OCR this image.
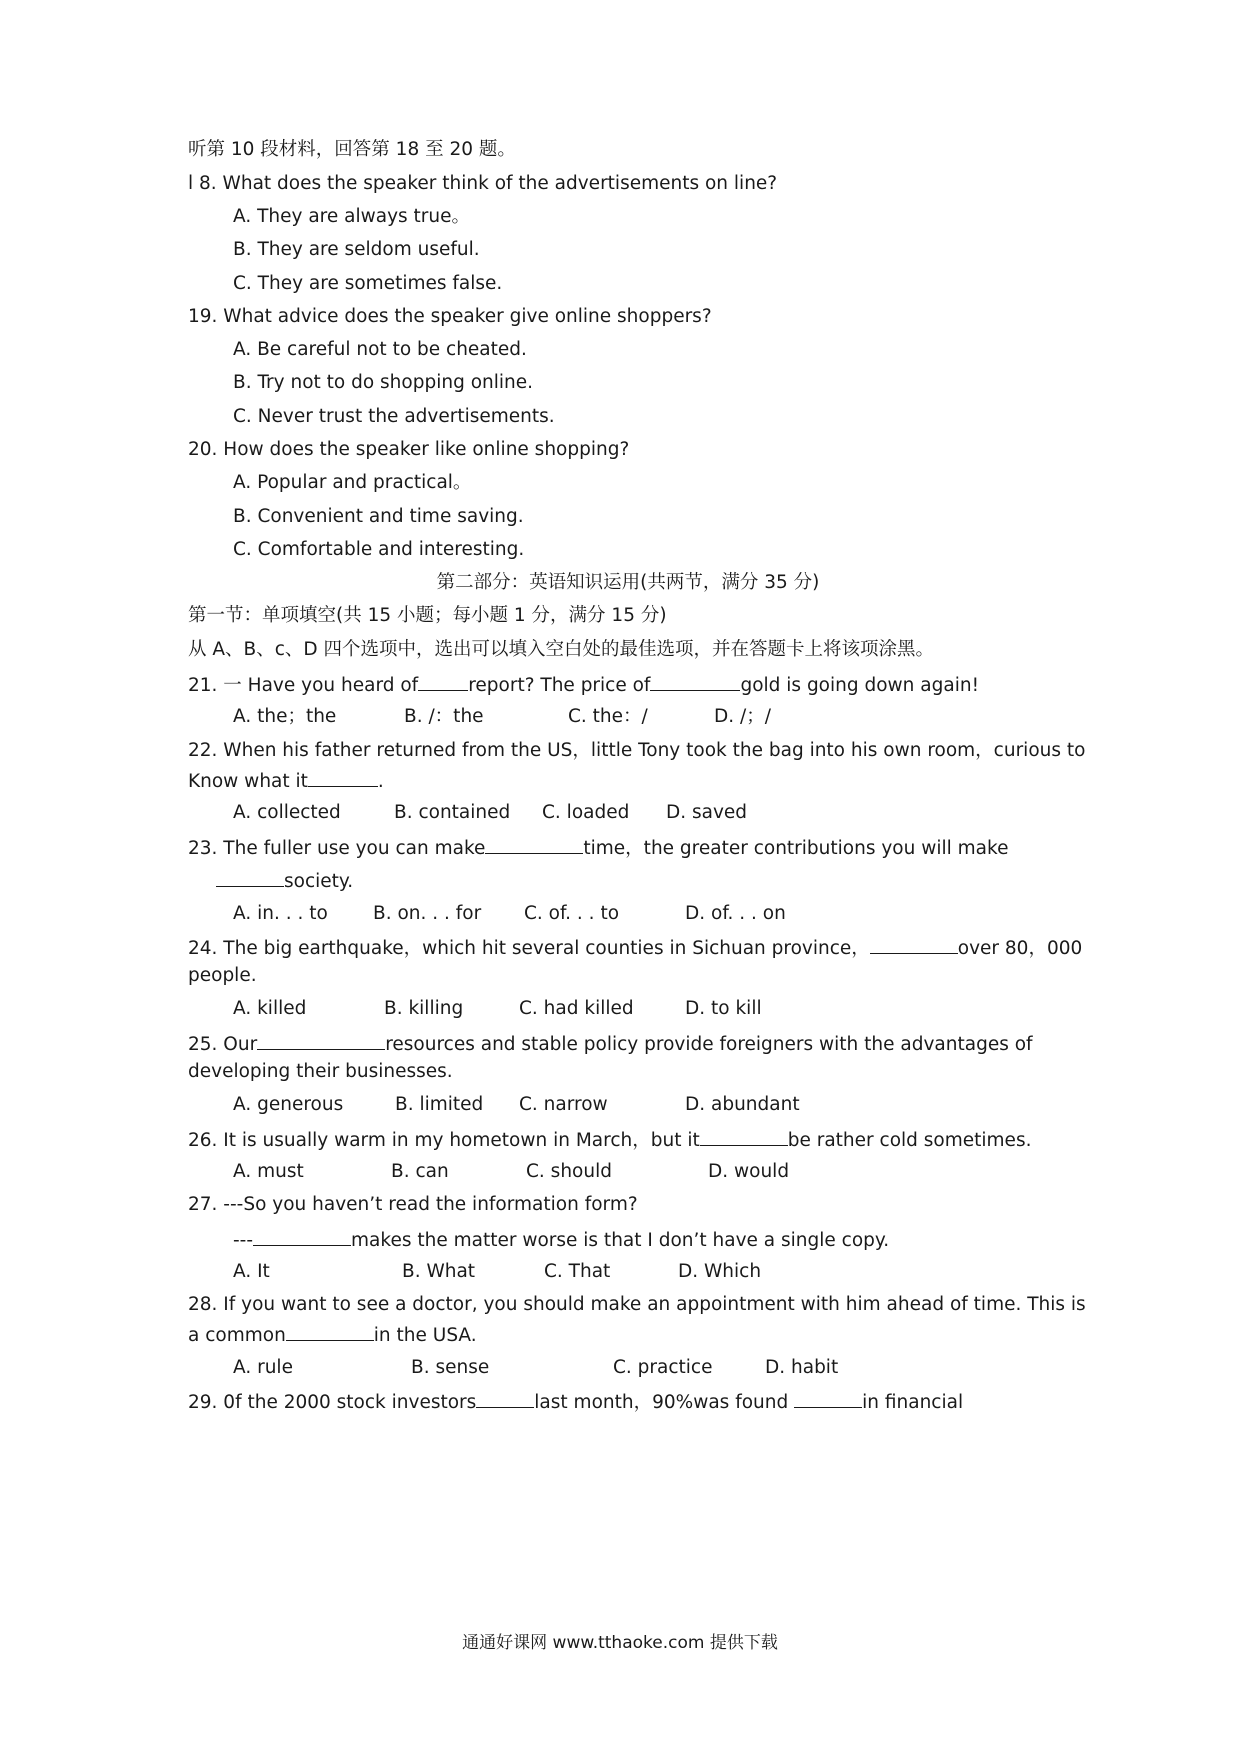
听第 10 段材料，回答第 18 至 20 题。
l 8. What does the speaker think of the advertisements on line?
A. They are always true。
B. They are seldom useful.
C. They are sometimes false.
19. What advice does the speaker give online shoppers?
A. Be careful not to be cheated.
B. Try not to do shopping online.
C. Never trust the advertisements.
20. How does the speaker like online shopping?
A. Popular and practical。
B. Convenient and time saving.
C. Comfortable and interesting.
第二部分：英语知识运用(共两节，满分 35 分)
第一节：单项填空(共 15 小题；每小题 1 分，满分 15 分)
从 A、B、c、D 四个选项中，选出可以填入空白处的最佳选项，并在答题卡上将该项涂黑。
21. 一 Have you heard of	report? The price of	gold is going down again!
A. the；the	B. /：the	C. the：/	D. /；/
22. When his father returned from the US，little Tony took the bag into his own room，curious to
Know what it	.
A. collected	B. contained C. loaded D. saved
23. The fuller use you can make	time，the greater contributions you will make
society.
A. in. . . to B. on. . . for C. of. . . to	D. of. . . on
24. The big earthquake，which hit several counties in Sichuan province，	over 80，000
people.
A. killed	B. killing	C. had killed	D. to kill
25. Our	resources and stable policy provide foreigners with the advantages of
developing their businesses.
A. generous	B. limited C. narrow	D. abundant
26. It is usually warm in my hometown in March，but it	be rather cold sometimes.
A. must	B. can	C. should	D. would
27. ---So you haven’t read the information form?
---	makes the matter worse is that I don’t have a single copy.
A. It	B. What	C. That	D. Which
28. If you want to see a doctor, you should make an appointment with him ahead of time. This is
a common	in the USA.
A. rule	B. sense	C. practice	D. habit
29. 0f the 2000 stock investors	last month，90%was found	in financial
通通好课网 www.tthaoke.com 提供下载
